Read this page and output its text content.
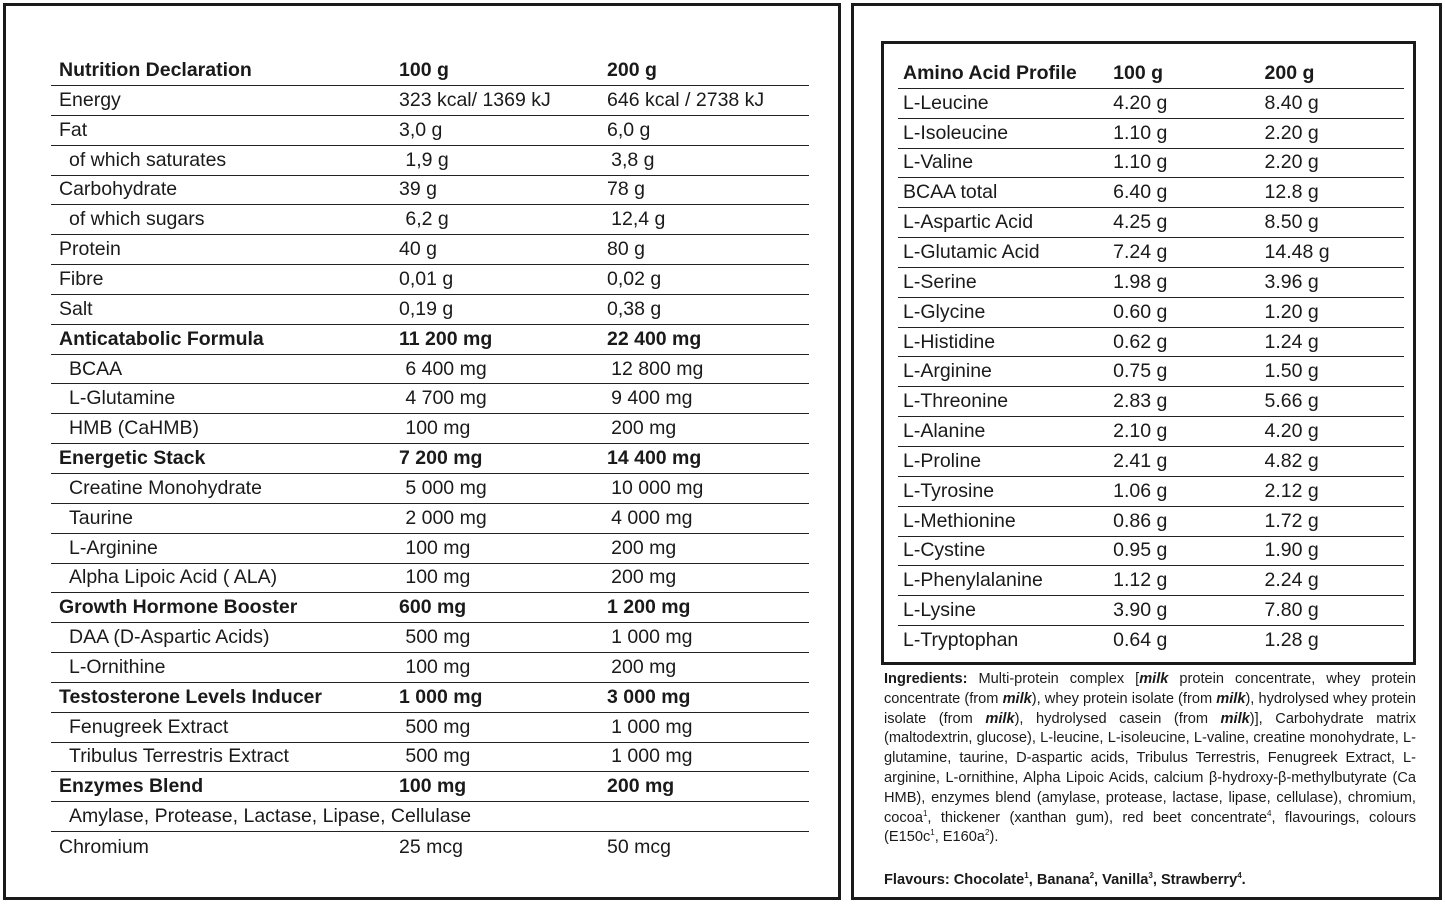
Nutrition Declaration	100 g	200 g
Energy	323 kcal/ 1369 kJ	646 kcal / 2738 kJ
Fat	3,0 g	6,0 g
of which saturates	1,9 g	3,8 g
Carbohydrate	39 g	78 g
of which sugars	6,2 g	12,4 g
Protein	40 g	80 g
Fibre	0,01 g	0,02 g
Salt	0,19 g	0,38 g
Anticatabolic Formula	11 200 mg	22 400 mg
BCAA	6 400 mg	12 800 mg
L-Glutamine	4 700 mg	9 400 mg
HMB (CaHMB)	100 mg	200 mg
Energetic Stack	7 200 mg	14 400 mg
Creatine Monohydrate	5 000 mg	10 000 mg
Taurine	2 000 mg	4 000 mg
L-Arginine	100 mg	200 mg
Alpha Lipoic Acid ( ALA)	100 mg	200 mg
Growth Hormone Booster	600 mg	1 200 mg
DAA (D-Aspartic Acids)	500 mg	1 000 mg
L-Ornithine	100 mg	200 mg
Testosterone Levels Inducer	1 000 mg	3 000 mg
Fenugreek Extract	500 mg	1 000 mg
Tribulus Terrestris Extract	500 mg	1 000 mg
Enzymes Blend	100 mg	200 mg
Amylase, Protease, Lactase, Lipase, Cellulase
Chromium	25 mcg	50 mcg
Amino Acid Profile	100 g	200 g
L-Leucine	4.20 g	8.40 g
L-Isoleucine	1.10 g	2.20 g
L-Valine	1.10 g	2.20 g
BCAA total	6.40 g	12.8 g
L-Aspartic Acid	4.25 g	8.50 g
L-Glutamic Acid	7.24 g	14.48 g
L-Serine	1.98 g	3.96 g
L-Glycine	0.60 g	1.20 g
L-Histidine	0.62 g	1.24 g
L-Arginine	0.75 g	1.50 g
L-Threonine	2.83 g	5.66 g
L-Alanine	2.10 g	4.20 g
L-Proline	2.41 g	4.82 g
L-Tyrosine	1.06 g	2.12 g
L-Methionine	0.86 g	1.72 g
L-Cystine	0.95 g	1.90 g
L-Phenylalanine	1.12 g	2.24 g
L-Lysine	3.90 g	7.80 g
L-Tryptophan	0.64 g	1.28 g
Ingredients: Multi-protein complex [milk protein concentrate, whey protein concentrate (from milk), whey protein isolate (from milk), hydrolysed whey protein isolate (from milk), hydrolysed casein (from milk)], Carbohydrate matrix (maltodextrin, glucose), L-leucine, L-isoleucine, L-valine, creatine monohydrate, L-glutamine, taurine, D-aspartic acids, Tribulus Terrestris, Fenugreek Extract, L-arginine, L-ornithine, Alpha Lipoic Acids, calcium β-hydroxy-β-methylbutyrate (Ca HMB), enzymes blend (amylase, protease, lactase, lipase, cellulase), chromium, cocoa$^1$, thickener (xanthan gum), red beet concentrate$^4$, flavourings, colours ($E150c^1$, $E160a^2$).
Flavours: Chocolate$^1$, Banana$^2$, Vanilla$^3$, Strawberry$^4$.
